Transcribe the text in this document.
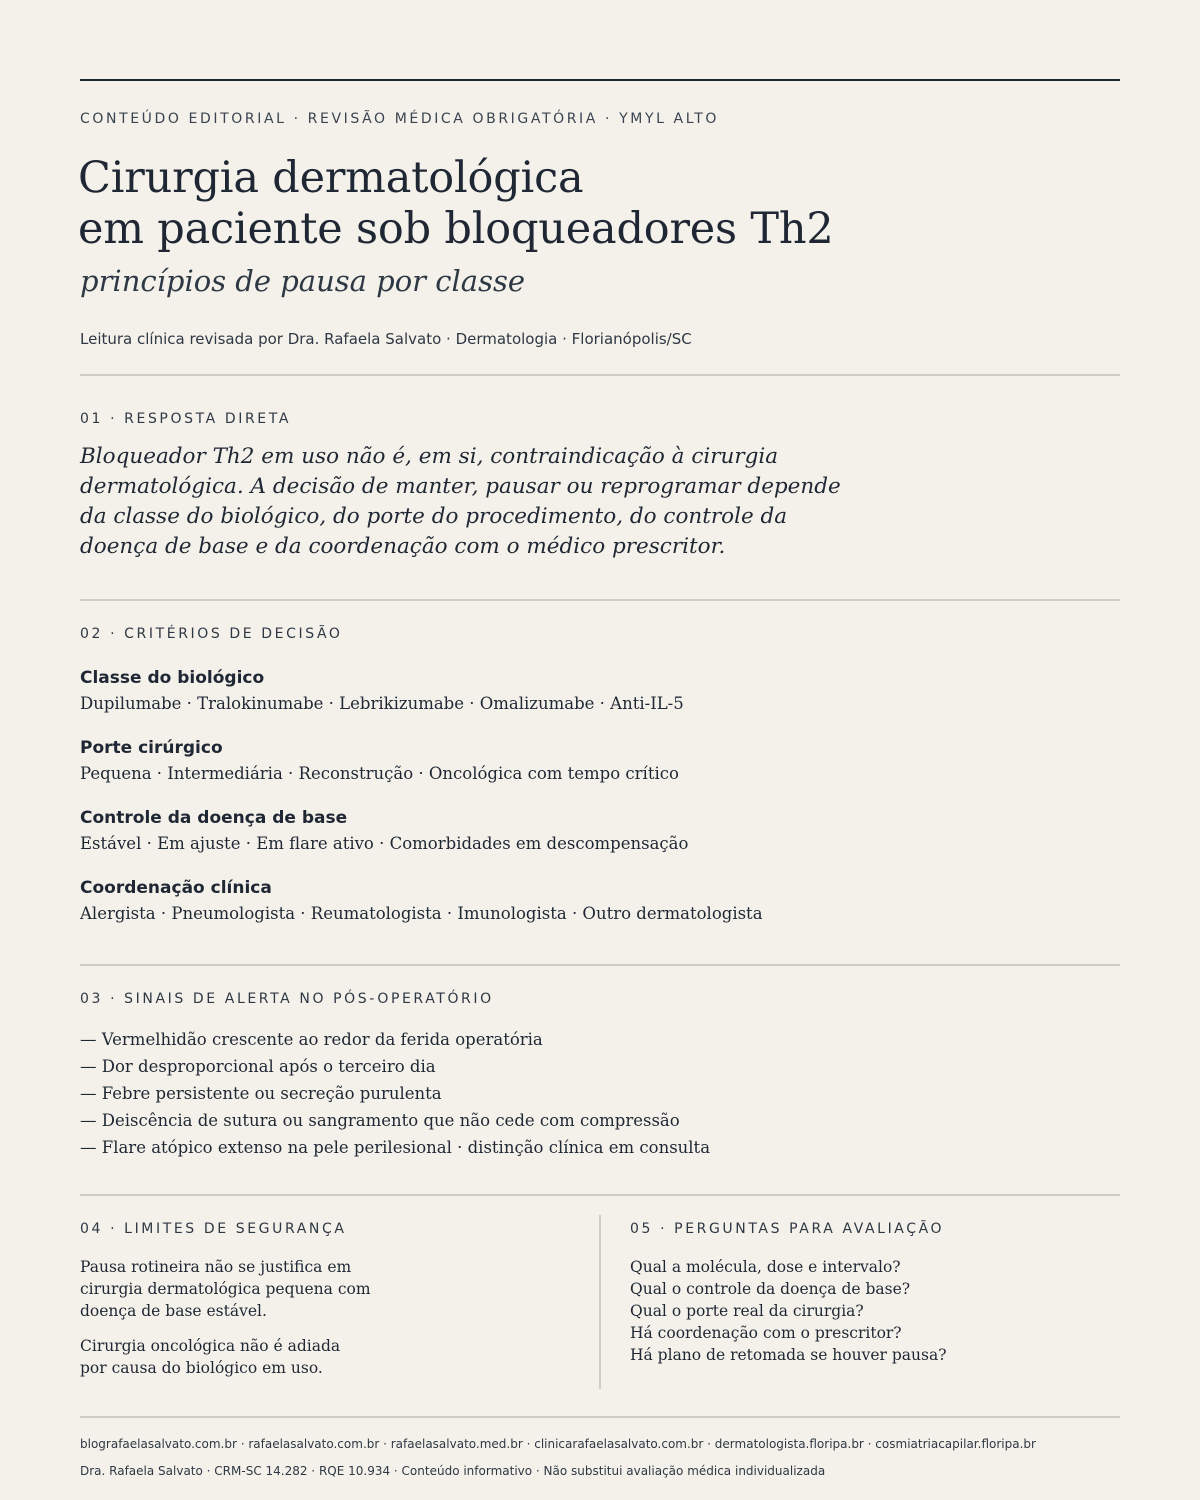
CONTEÚDO EDITORIAL · REVISÃO MÉDICA OBRIGATÓRIA · YMYL ALTO
Cirurgia dermatológica
em paciente sob bloqueadores Th2
princípios de pausa por classe
Leitura clínica revisada por Dra. Rafaela Salvato · Dermatologia · Florianópolis/SC
01 · RESPOSTA DIRETA
Bloqueador Th2 em uso não é, em si, contraindicação à cirurgia
dermatológica. A decisão de manter, pausar ou reprogramar depende
da classe do biológico, do porte do procedimento, do controle da
doença de base e da coordenação com o médico prescritor.
02 · CRITÉRIOS DE DECISÃO
Classe do biológico
Dupilumabe · Tralokinumabe · Lebrikizumabe · Omalizumabe · Anti-IL-5
Porte cirúrgico
Pequena · Intermediária · Reconstrução · Oncológica com tempo crítico
Controle da doença de base
Estável · Em ajuste · Em flare ativo · Comorbidades em descompensação
Coordenação clínica
Alergista · Pneumologista · Reumatologista · Imunologista · Outro dermatologista
03 · SINAIS DE ALERTA NO PÓS-OPERATÓRIO
— Vermelhidão crescente ao redor da ferida operatória
— Dor desproporcional após o terceiro dia
— Febre persistente ou secreção purulenta
— Deiscência de sutura ou sangramento que não cede com compressão
— Flare atópico extenso na pele perilesional · distinção clínica em consulta
04 · LIMITES DE SEGURANÇA

Pausa rotineira não se justifica em
cirurgia dermatológica pequena com
doença de base estável.

Cirurgia oncológica não é adiada
por causa do biológico em uso.

05 · PERGUNTAS PARA AVALIAÇÃO

Qual a molécula, dose e intervalo?
Qual o controle da doença de base?
Qual o porte real da cirurgia?
Há coordenação com o prescritor?
Há plano de retomada se houver pausa?

blografaelasalvato.com.br · rafaelasalvato.com.br · rafaelasalvato.med.br · clinicarafaelasalvato.com.br · dermatologista.floripa.br · cosmiatriacapilar.floripa.br
Dra. Rafaela Salvato · CRM-SC 14.282 · RQE 10.934 · Conteúdo informativo · Não substitui avaliação médica individualizada
